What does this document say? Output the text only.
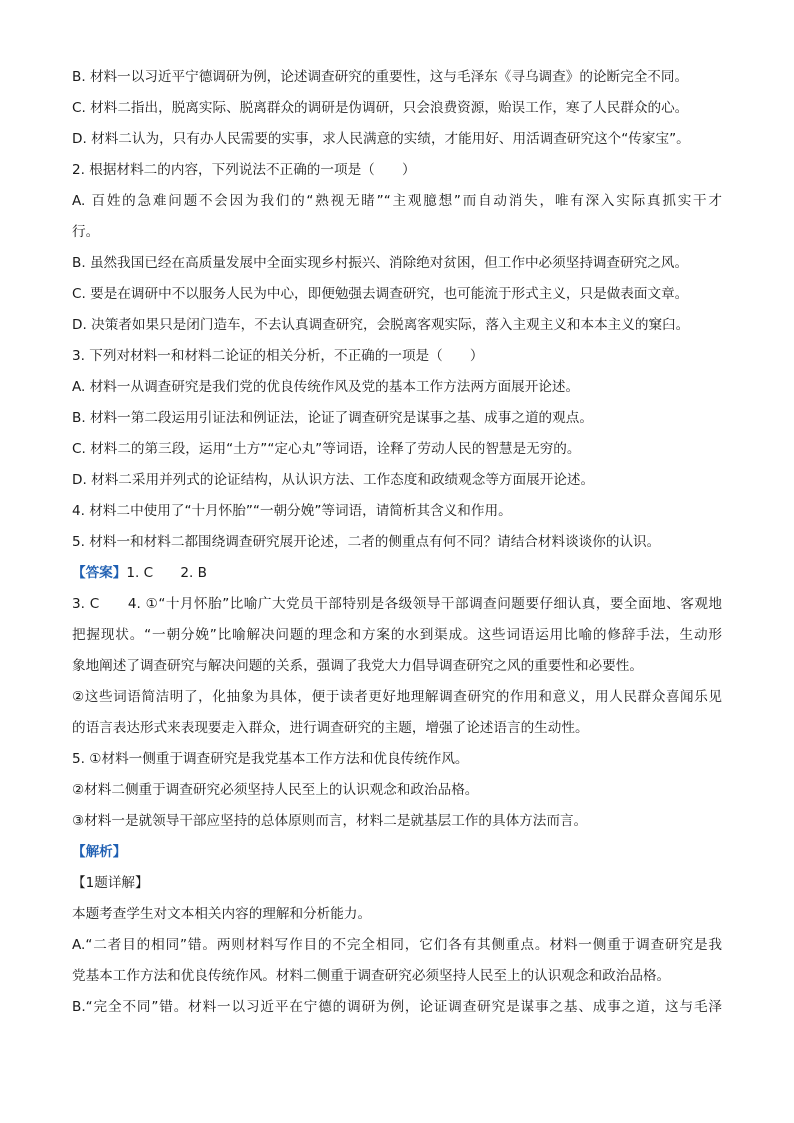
B. 材料一以习近平宁德调研为例，论述调查研究的重要性，这与毛泽东《寻乌调查》的论断完全不同。
C. 材料二指出，脱离实际、脱离群众的调研是伪调研，只会浪费资源，贻误工作，寒了人民群众的心。
D. 材料二认为，只有办人民需要的实事，求人民满意的实绩，才能用好、用活调查研究这个“传家宝”。
2. 根据材料二的内容，下列说法不正确的一项是（　　）
A. 百姓的急难问题不会因为我们的“熟视无睹”“主观臆想”而自动消失，唯有深入实际真抓实干才
行。
B. 虽然我国已经在高质量发展中全面实现乡村振兴、消除绝对贫困，但工作中必须坚持调查研究之风。
C. 要是在调研中不以服务人民为中心，即便勉强去调查研究，也可能流于形式主义，只是做表面文章。
D. 决策者如果只是闭门造车，不去认真调查研究，会脱离客观实际，落入主观主义和本本主义的窠臼。
3. 下列对材料一和材料二论证的相关分析，不正确的一项是（　　）
A. 材料一从调查研究是我们党的优良传统作风及党的基本工作方法两方面展开论述。
B. 材料一第二段运用引证法和例证法，论证了调查研究是谋事之基、成事之道的观点。
C. 材料二的第三段，运用“土方”“定心丸”等词语，诠释了劳动人民的智慧是无穷的。
D. 材料二采用并列式的论证结构，从认识方法、工作态度和政绩观念等方面展开论述。
4. 材料二中使用了“十月怀胎”“一朝分娩”等词语，请简析其含义和作用。
5. 材料一和材料二都围绕调查研究展开论述，二者的侧重点有何不同？请结合材料谈谈你的认识。
【答案】1. C　　2. B
3. C　　4. ①“十月怀胎”比喻广大党员干部特别是各级领导干部调查问题要仔细认真，要全面地、客观地
把握现状。“一朝分娩”比喻解决问题的理念和方案的水到渠成。这些词语运用比喻的修辞手法，生动形
象地阐述了调查研究与解决问题的关系，强调了我党大力倡导调查研究之风的重要性和必要性。
②这些词语简洁明了，化抽象为具体，便于读者更好地理解调查研究的作用和意义，用人民群众喜闻乐见
的语言表达形式来表现要走入群众，进行调查研究的主题，增强了论述语言的生动性。
5. ①材料一侧重于调查研究是我党基本工作方法和优良传统作风。
②材料二侧重于调查研究必须坚持人民至上的认识观念和政治品格。
③材料一是就领导干部应坚持的总体原则而言，材料二是就基层工作的具体方法而言。
【解析】
【1题详解】
本题考查学生对文本相关内容的理解和分析能力。
A.“二者目的相同”错。两则材料写作目的不完全相同，它们各有其侧重点。材料一侧重于调查研究是我
党基本工作方法和优良传统作风。材料二侧重于调查研究必须坚持人民至上的认识观念和政治品格。
B.“完全不同”错。材料一以习近平在宁德的调研为例，论证调查研究是谋事之基、成事之道，这与毛泽
